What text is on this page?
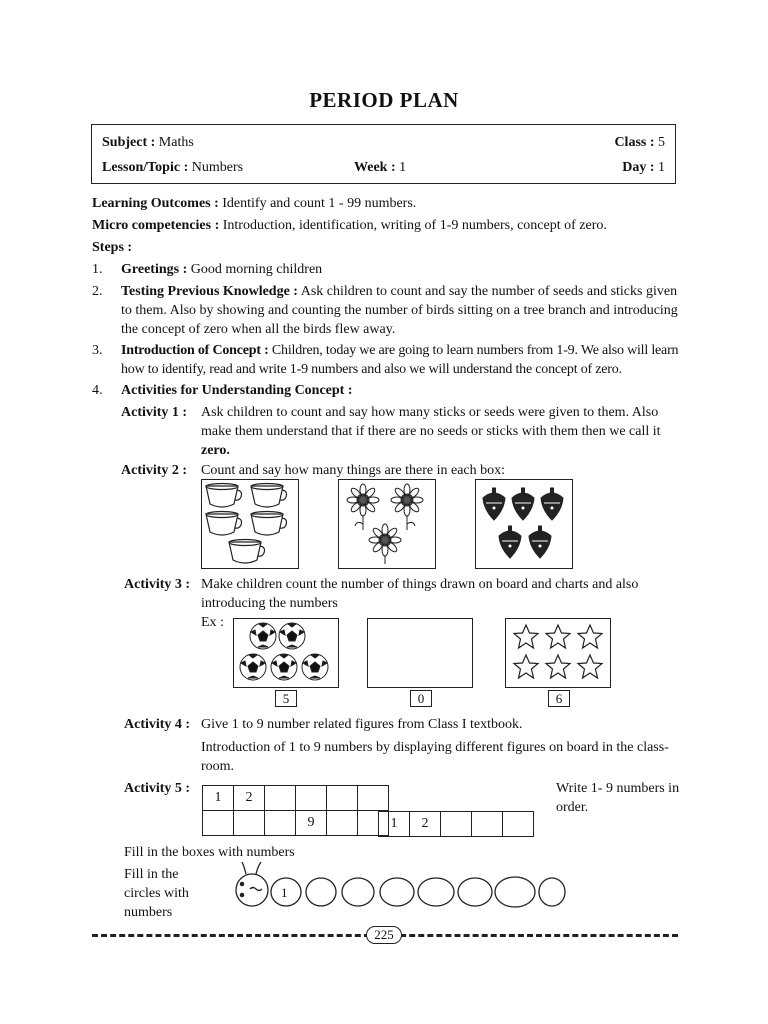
PERIOD PLAN
Subject : Maths	Class : 5
Lesson/Topic : Numbers	Week : 1	Day : 1
Learning Outcomes : Identify and count 1 - 99 numbers.
Micro competencies : Introduction, identification, writing of 1-9 numbers, concept of zero.
Steps :
1. Greetings : Good morning children
2. Testing Previous Knowledge : Ask children to count and say the number of seeds and sticks given to them. Also by showing and counting the number of birds sitting on a tree branch and introducing the concept of zero when all the birds flew away.
3. Introduction of Concept : Children, today we are going to learn numbers from 1-9. We also will learn how to identify, read and write 1-9 numbers and also we will understand the concept of zero.
4. Activities for Understanding Concept :
Activity 1 : Ask children to count and say how many sticks or seeds were given to them. Also make them understand that if there are no seeds or sticks with them then we call it zero.
Activity 2 : Count and say how many things are there in each box:
Activity 3 : Make children count the number of things drawn on board and charts and also introducing the numbers
Ex :
5	0	6
Activity 4 : Give 1 to 9 number related figures from Class I textbook.
Introduction of 1 to 9 numbers by displaying different figures on board in the class-room.
Activity 5 :
1	2				
			9			1	2			
Write 1- 9 numbers in order.
Fill in the boxes with numbers
Fill in the circles with numbers
1
225
